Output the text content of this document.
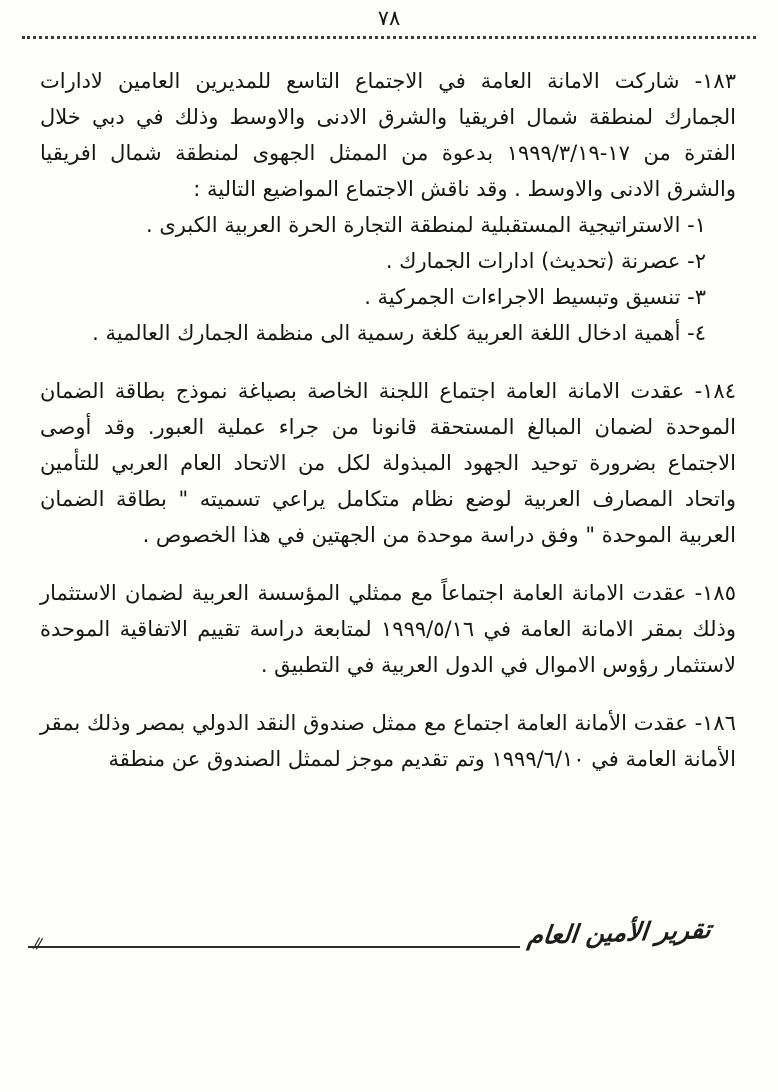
٧٨

١٨٣- شاركت الامانة العامة في الاجتماع التاسع للمديرين العامين لادارات الجمارك لمنطقة شمال افريقيا والشرق الادنى والاوسط وذلك في دبي خلال الفترة من ١٧-١٩٩٩/٣/١٩ بدعوة من الممثل الجهوى لمنطقة شمال افريقيا والشرق الادنى والاوسط . وقد ناقش الاجتماع المواضيع التالية :

١- الاستراتيجية المستقبلية لمنطقة التجارة الحرة العربية الكبرى .
٢- عصرنة (تحديث) ادارات الجمارك .
٣- تنسيق وتبسيط الاجراءات الجمركية .
٤- أهمية ادخال اللغة العربية كلغة رسمية الى منظمة الجمارك العالمية .

١٨٤- عقدت الامانة العامة اجتماع اللجنة الخاصة بصياغة نموذج بطاقة الضمان الموحدة لضمان المبالغ المستحقة قانونا من جراء عملية العبور. وقد أوصى الاجتماع بضرورة توحيد الجهود المبذولة لكل من الاتحاد العام العربي للتأمين واتحاد المصارف العربية لوضع نظام متكامل يراعي تسميته " بطاقة الضمان العربية الموحدة " وفق دراسة موحدة من الجهتين في هذا الخصوص .

١٨٥- عقدت الامانة العامة اجتماعاً مع ممثلي المؤسسة العربية لضمان الاستثمار وذلك بمقر الامانة العامة في ١٩٩٩/٥/١٦ لمتابعة دراسة تقييم الاتفاقية الموحدة لاستثمار رؤوس الاموال في الدول العربية في التطبيق .

١٨٦- عقدت الأمانة العامة اجتماع مع ممثل صندوق النقد الدولي بمصر وذلك بمقر الأمانة العامة في ١٩٩٩/٦/١٠ وتم تقديم موجز لممثل الصندوق عن منطقة

//	تقرير الأمين العام
